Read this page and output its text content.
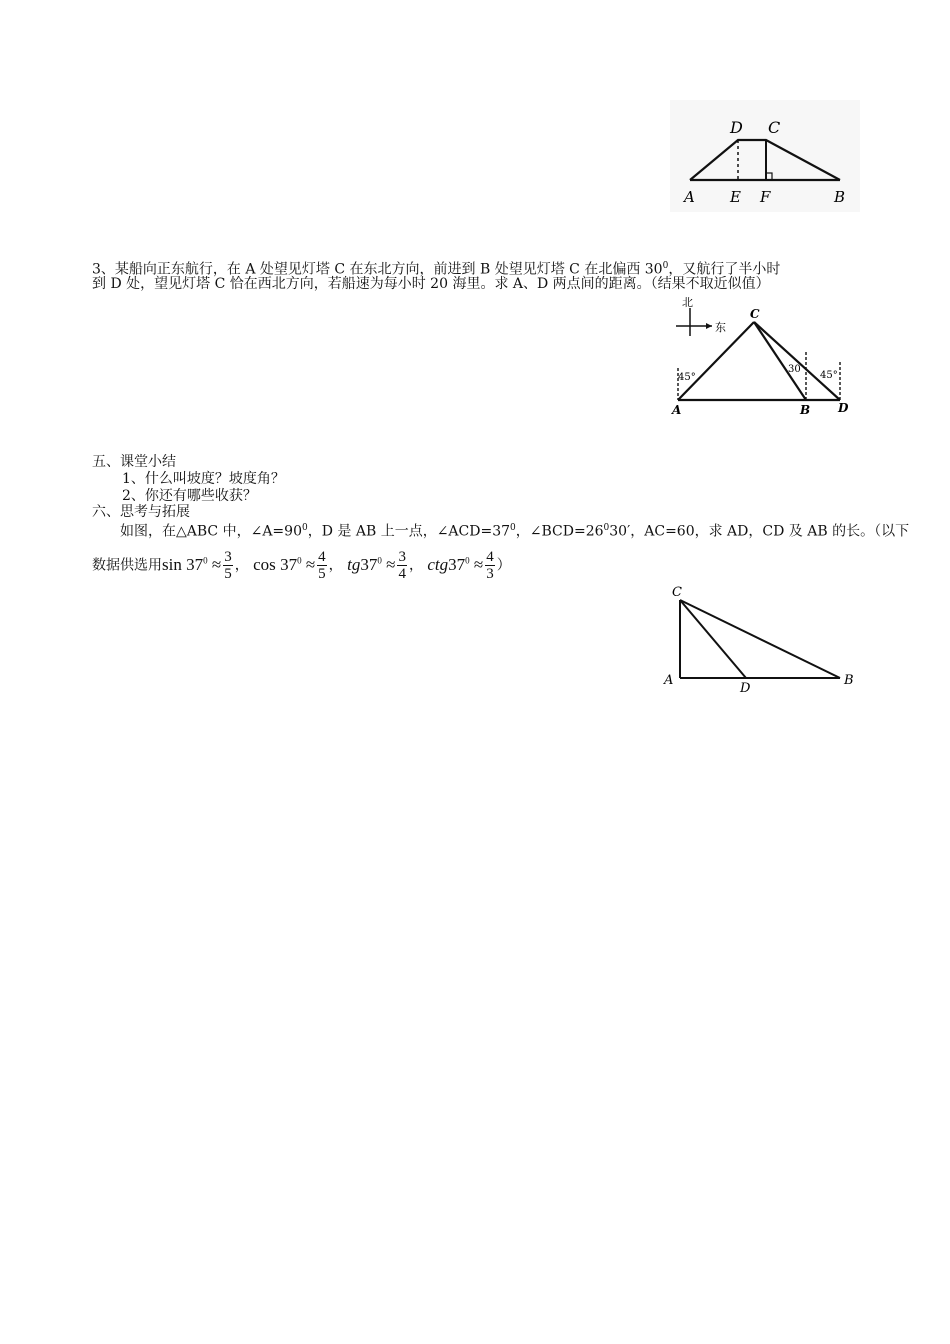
D C
A E F	B
3、某船向正东航行，在 A 处望见灯塔 C 在东北方向，前进到 B 处望见灯塔 C 在北偏西 $30^0$，又航行了半小时
到 D 处，望见灯塔 C 恰在西北方向，若船速为每小时 20 海里。求 A、D 两点间的距离。（结果不取近似值）
北
东
C
A	B D
45°
30
45°
五、课堂小结
1、什么叫坡度？坡度角？
2、你还有哪些收获？
六、思考与拓展
如图，在△ABC 中，$\angle A=90^0$，D 是 AB 上一点，$\angle ACD=37^0$，$\angle BCD=26^030'$，AC=60，求 AD，CD 及 AB 的长。（以下
数据供选用$\sin 37^0 \approx \frac{3}{5}$ ， $\cos 37^0 \approx \frac{4}{5}$ ， $tg37^0 \approx \frac{3}{4}$ ， $ctg37^0 \approx \frac{4}{3}$ ）
C
A
D
B
